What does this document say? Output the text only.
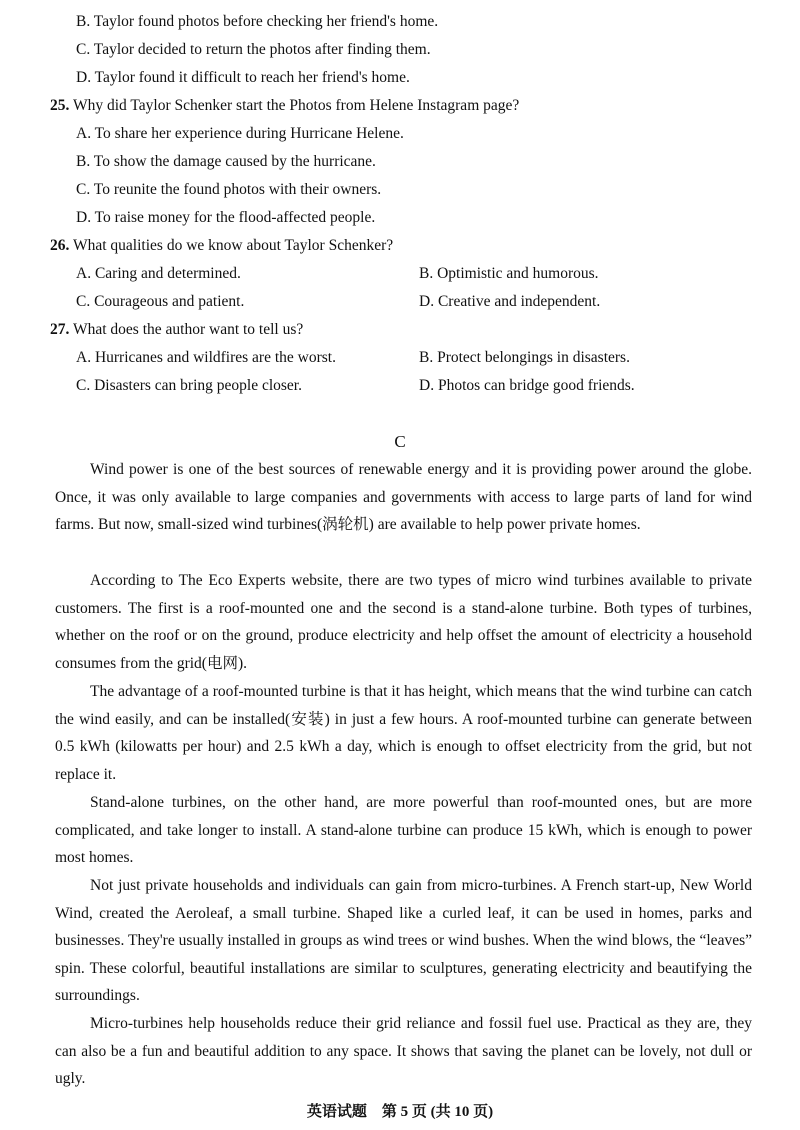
B. Taylor found photos before checking her friend's home.
C. Taylor decided to return the photos after finding them.
D. Taylor found it difficult to reach her friend's home.
25. Why did Taylor Schenker start the Photos from Helene Instagram page?
A. To share her experience during Hurricane Helene.
B. To show the damage caused by the hurricane.
C. To reunite the found photos with their owners.
D. To raise money for the flood-affected people.
26. What qualities do we know about Taylor Schenker?
A. Caring and determined.	B. Optimistic and humorous.
C. Courageous and patient.	D. Creative and independent.
27. What does the author want to tell us?
A. Hurricanes and wildfires are the worst.	B. Protect belongings in disasters.
C. Disasters can bring people closer.	D. Photos can bridge good friends.
C
Wind power is one of the best sources of renewable energy and it is providing power around the globe. Once, it was only available to large companies and governments with access to large parts of land for wind farms. But now, small-sized wind turbines(涡轮机) are available to help power private homes.
According to The Eco Experts website, there are two types of micro wind turbines available to private customers. The first is a roof-mounted one and the second is a stand-alone turbine. Both types of turbines, whether on the roof or on the ground, produce electricity and help offset the amount of electricity a household consumes from the grid(电网).
The advantage of a roof-mounted turbine is that it has height, which means that the wind turbine can catch the wind easily, and can be installed(安装) in just a few hours. A roof-mounted turbine can generate between 0.5 kWh (kilowatts per hour) and 2.5 kWh a day, which is enough to offset electricity from the grid, but not replace it.
Stand-alone turbines, on the other hand, are more powerful than roof-mounted ones, but are more complicated, and take longer to install. A stand-alone turbine can produce 15 kWh, which is enough to power most homes.
Not just private households and individuals can gain from micro-turbines. A French start-up, New World Wind, created the Aeroleaf, a small turbine. Shaped like a curled leaf, it can be used in homes, parks and businesses. They're usually installed in groups as wind trees or wind bushes. When the wind blows, the “leaves” spin. These colorful, beautiful installations are similar to sculptures, generating electricity and beautifying the surroundings.
Micro-turbines help households reduce their grid reliance and fossil fuel use. Practical as they are, they can also be a fun and beautiful addition to any space. It shows that saving the planet can be lovely, not dull or ugly.
英语试题　第 5 页 (共 10 页)
